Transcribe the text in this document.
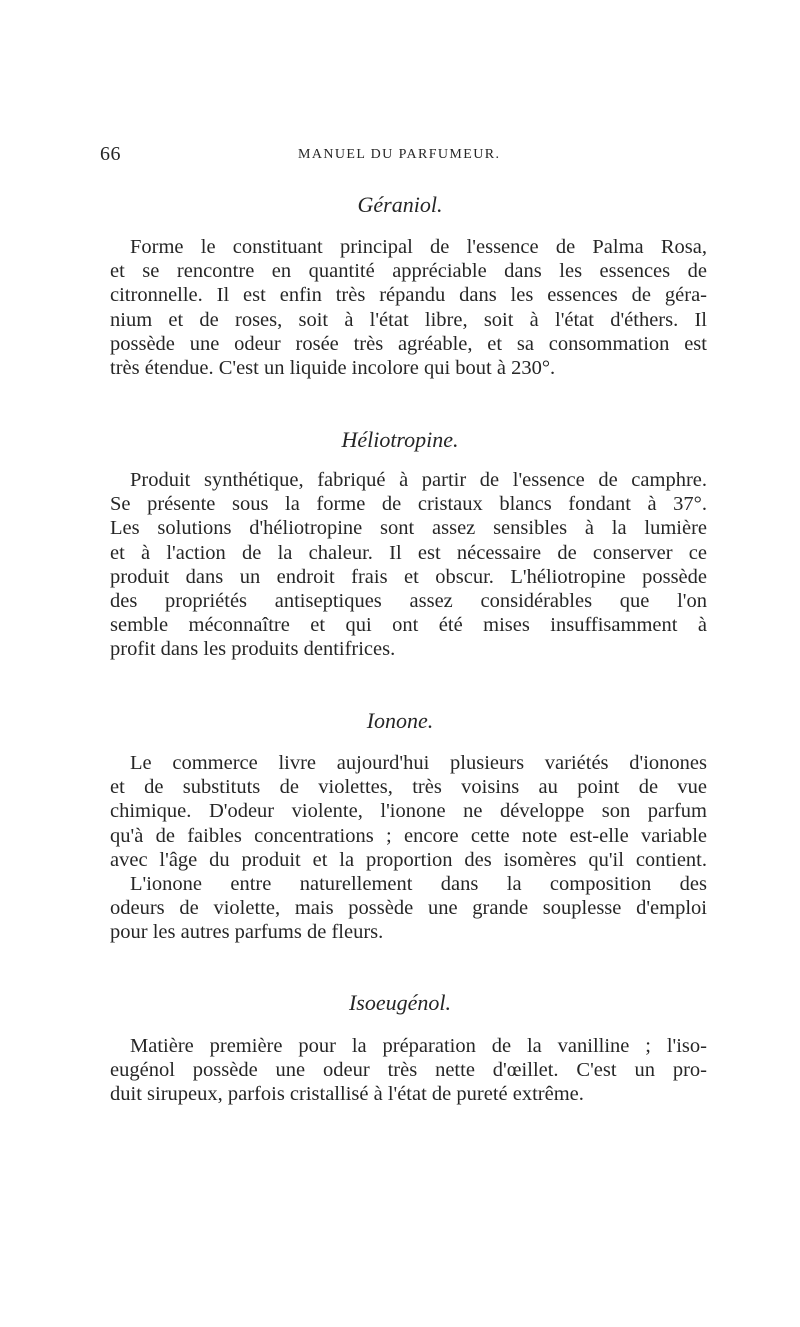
66	MANUEL DU PARFUMEUR.
Géraniol.
Forme le constituant principal de l'essence de Palma Rosa,
et se rencontre en quantité appréciable dans les essences de
citronnelle. Il est enfin très répandu dans les essences de géra-
nium et de roses, soit à l'état libre, soit à l'état d'éthers. Il
possède une odeur rosée très agréable, et sa consommation est
très étendue. C'est un liquide incolore qui bout à 230°.
Héliotropine.
Produit synthétique, fabriqué à partir de l'essence de camphre.
Se présente sous la forme de cristaux blancs fondant à 37°.
Les solutions d'héliotropine sont assez sensibles à la lumière
et à l'action de la chaleur. Il est nécessaire de conserver ce
produit dans un endroit frais et obscur. L'héliotropine possède
des propriétés antiseptiques assez considérables que l'on
semble méconnaître et qui ont été mises insuffisamment à
profit dans les produits dentifrices.
Ionone.
Le commerce livre aujourd'hui plusieurs variétés d'ionones
et de substituts de violettes, très voisins au point de vue
chimique. D'odeur violente, l'ionone ne développe son parfum
qu'à de faibles concentrations ; encore cette note est-elle variable
avec l'âge du produit et la proportion des isomères qu'il contient.
L'ionone entre naturellement dans la composition des
odeurs de violette, mais possède une grande souplesse d'emploi
pour les autres parfums de fleurs.
Isoeugénol.
Matière première pour la préparation de la vanilline ; l'iso-
eugénol possède une odeur très nette d'œillet. C'est un pro-
duit sirupeux, parfois cristallisé à l'état de pureté extrême.
